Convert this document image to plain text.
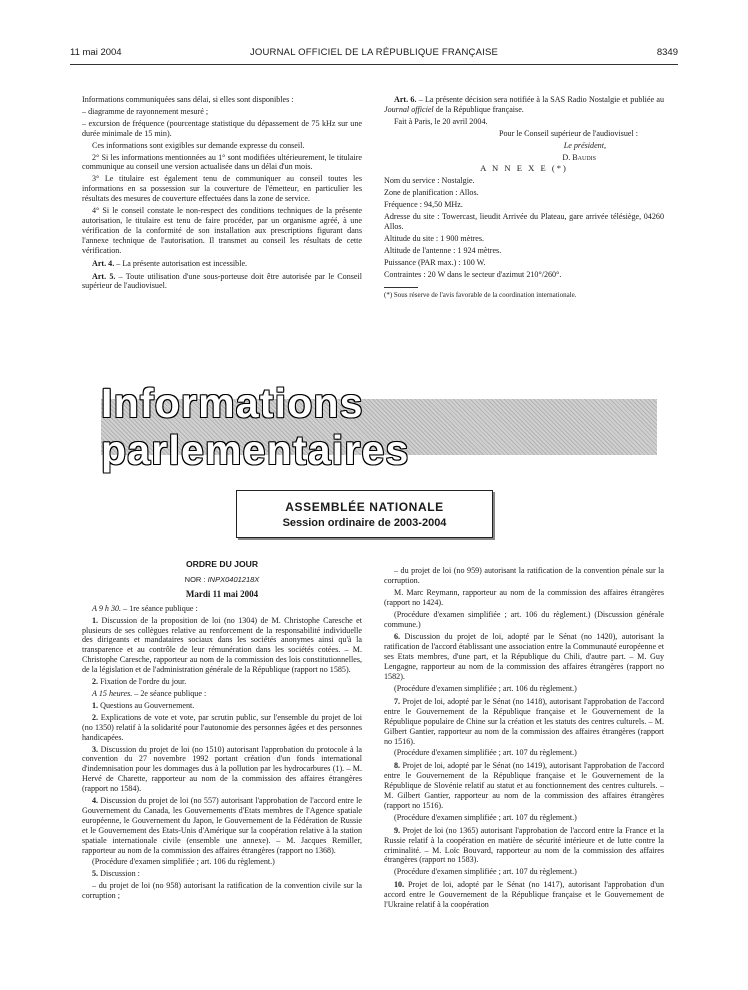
11 mai 2004	JOURNAL OFFICIEL DE LA RÉPUBLIQUE FRANÇAISE	8349

Informations communiquées sans délai, si elles sont disponibles :

– diagramme de rayonnement mesuré ;

– excursion de fréquence (pourcentage statistique du dépassement de 75 kHz sur une durée minimale de 15 min).

Ces informations sont exigibles sur demande expresse du conseil.

2° Si les informations mentionnées au 1° sont modifiées ultérieurement, le titulaire communique au conseil une version actualisée dans un délai d'un mois.

3° Le titulaire est également tenu de communiquer au conseil toutes les informations en sa possession sur la couverture de l'émetteur, en particulier les résultats des mesures de couverture effectuées dans la zone de service.

4° Si le conseil constate le non-respect des conditions techniques de la présente autorisation, le titulaire est tenu de faire procéder, par un organisme agréé, à une vérification de la conformité de son installation aux prescriptions figurant dans l'annexe technique de l'autorisation. Il transmet au conseil les résultats de cette vérification.

Art. 4. – La présente autorisation est incessible.

Art. 5. – Toute utilisation d'une sous-porteuse doit être autorisée par le Conseil supérieur de l'audiovisuel.

Art. 6. – La présente décision sera notifiée à la SAS Radio Nostalgie et publiée au Journal officiel de la République française.

Fait à Paris, le 20 avril 2004.

Pour le Conseil supérieur de l'audiovisuel :

Le président,

D. Baudis

A N N E X E (*)

Nom du service : Nostalgie.

Zone de planification : Allos.

Fréquence : 94,50 MHz.

Adresse du site : Towercast, lieudit Arrivée du Plateau, gare arrivée télésiège, 04260 Allos.

Altitude du site : 1 900 mètres.

Altitude de l'antenne : 1 924 mètres.

Puissance (PAR max.) : 100 W.

Contraintes : 20 W dans le secteur d'azimut 210°/260°.

(*) Sous réserve de l'avis favorable de la coordination internationale.

Informations parlementaires
ASSEMBLÉE NATIONALE
Session ordinaire de 2003-2004

ORDRE DU JOUR

NOR : INPX0401218X

Mardi 11 mai 2004

A 9 h 30. – 1re séance publique :

1. Discussion de la proposition de loi (no 1304) de M. Christophe Caresche et plusieurs de ses collègues relative au renforcement de la responsabilité individuelle des dirigeants et mandataires sociaux dans les sociétés anonymes ainsi qu'à la transparence et au contrôle de leur rémunération dans les sociétés cotées. – M. Christophe Caresche, rapporteur au nom de la commission des lois constitutionnelles, de la législation et de l'administration générale de la République (rapport no 1585).

2. Fixation de l'ordre du jour.

A 15 heures. – 2e séance publique :

1. Questions au Gouvernement.

2. Explications de vote et vote, par scrutin public, sur l'ensemble du projet de loi (no 1350) relatif à la solidarité pour l'autonomie des personnes âgées et des personnes handicapées.

3. Discussion du projet de loi (no 1510) autorisant l'approbation du protocole à la convention du 27 novembre 1992 portant création d'un fonds international d'indemnisation pour les dommages dus à la pollution par les hydrocarbures (1). – M. Hervé de Charette, rapporteur au nom de la commission des affaires étrangères (rapport no 1584).

4. Discussion du projet de loi (no 557) autorisant l'approbation de l'accord entre le Gouvernement du Canada, les Gouvernements d'Etats membres de l'Agence spatiale européenne, le Gouvernement du Japon, le Gouvernement de la Fédération de Russie et le Gouvernement des Etats-Unis d'Amérique sur la coopération relative à la station spatiale internationale civile (ensemble une annexe). – M. Jacques Remiller, rapporteur au nom de la commission des affaires étrangères (rapport no 1368).

(Procédure d'examen simplifiée ; art. 106 du règlement.)

5. Discussion :

– du projet de loi (no 958) autorisant la ratification de la convention civile sur la corruption ;

– du projet de loi (no 959) autorisant la ratification de la convention pénale sur la corruption.

M. Marc Reymann, rapporteur au nom de la commission des affaires étrangères (rapport no 1424).

(Procédure d'examen simplifiée ; art. 106 du règlement.) (Discussion générale commune.)

6. Discussion du projet de loi, adopté par le Sénat (no 1420), autorisant la ratification de l'accord établissant une association entre la Communauté européenne et ses Etats membres, d'une part, et la République du Chili, d'autre part. – M. Guy Lengagne, rapporteur au nom de la commission des affaires étrangères (rapport no 1582).

(Procédure d'examen simplifiée ; art. 106 du règlement.)

7. Projet de loi, adopté par le Sénat (no 1418), autorisant l'approbation de l'accord entre le Gouvernement de la République française et le Gouvernement de la République populaire de Chine sur la création et les statuts des centres culturels. – M. Gilbert Gantier, rapporteur au nom de la commission des affaires étrangères (rapport no 1516).

(Procédure d'examen simplifiée ; art. 107 du règlement.)

8. Projet de loi, adopté par le Sénat (no 1419), autorisant l'approbation de l'accord entre le Gouvernement de la République française et le Gouvernement de la République de Slovénie relatif au statut et au fonctionnement des centres culturels. – M. Gilbert Gantier, rapporteur au nom de la commission des affaires étrangères (rapport no 1516).

(Procédure d'examen simplifiée ; art. 107 du règlement.)

9. Projet de loi (no 1365) autorisant l'approbation de l'accord entre la France et la Russie relatif à la coopération en matière de sécurité intérieure et de lutte contre la criminalité. – M. Loïc Bouvard, rapporteur au nom de la commission des affaires étrangères (rapport no 1583).

(Procédure d'examen simplifiée ; art. 107 du règlement.)

10. Projet de loi, adopté par le Sénat (no 1417), autorisant l'approbation d'un accord entre le Gouvernement de la République française et le Gouvernement de l'Ukraine relatif à la coopération
